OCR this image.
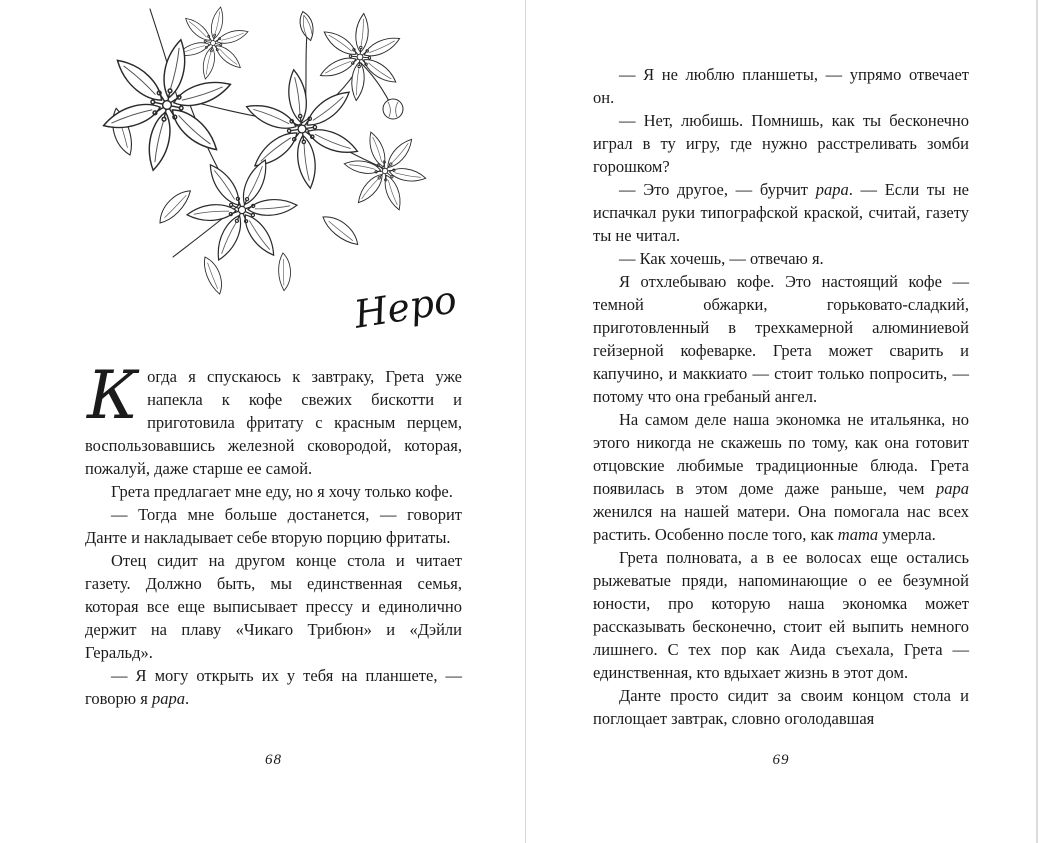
Неро

Когда я спускаюсь к завтраку, Грета уже напекла к кофе свежих бискотти и приготовила фритату с красным перцем, воспользовавшись железной сковородой, которая, пожалуй, даже старше ее самой.

Грета предлагает мне еду, но я хочу только кофе.

— Тогда мне больше достанется, — говорит Данте и накладывает себе вторую порцию фритаты.

Отец сидит на другом конце стола и читает газету. Должно быть, мы единственная семья, которая все еще выписывает прессу и единолично держит на плаву «Чикаго Трибюн» и «Дэйли Геральд».

— Я могу открыть их у тебя на планшете, — говорю я papa.

68

— Я не люблю планшеты, — упрямо отвечает он.

— Нет, любишь. Помнишь, как ты бесконечно играл в ту игру, где нужно расстреливать зомби горошком?

— Это другое, — бурчит papa. — Если ты не испачкал руки типографской краской, считай, газету ты не читал.

— Как хочешь, — отвечаю я.

Я отхлебываю кофе. Это настоящий кофе — темной обжарки, горьковато-сладкий, приготовленный в трехкамерной алюминиевой гейзерной кофеварке. Грета может сварить и капучино, и маккиато — стоит только попросить, — потому что она гребаный ангел.

На самом деле наша экономка не итальянка, но этого никогда не скажешь по тому, как она готовит отцовские любимые традиционные блюда. Грета появилась в этом доме даже раньше, чем papa женился на нашей матери. Она помогала нас всех растить. Особенно после того, как mama умерла.

Грета полновата, а в ее волосах еще остались рыжеватые пряди, напоминающие о ее безумной юности, про которую наша экономка может рассказывать бесконечно, стоит ей выпить немного лишнего. С тех пор как Аида съехала, Грета — единственная, кто вдыхает жизнь в этот дом.

Данте просто сидит за своим концом стола и поглощает завтрак, словно оголодавшая

69
